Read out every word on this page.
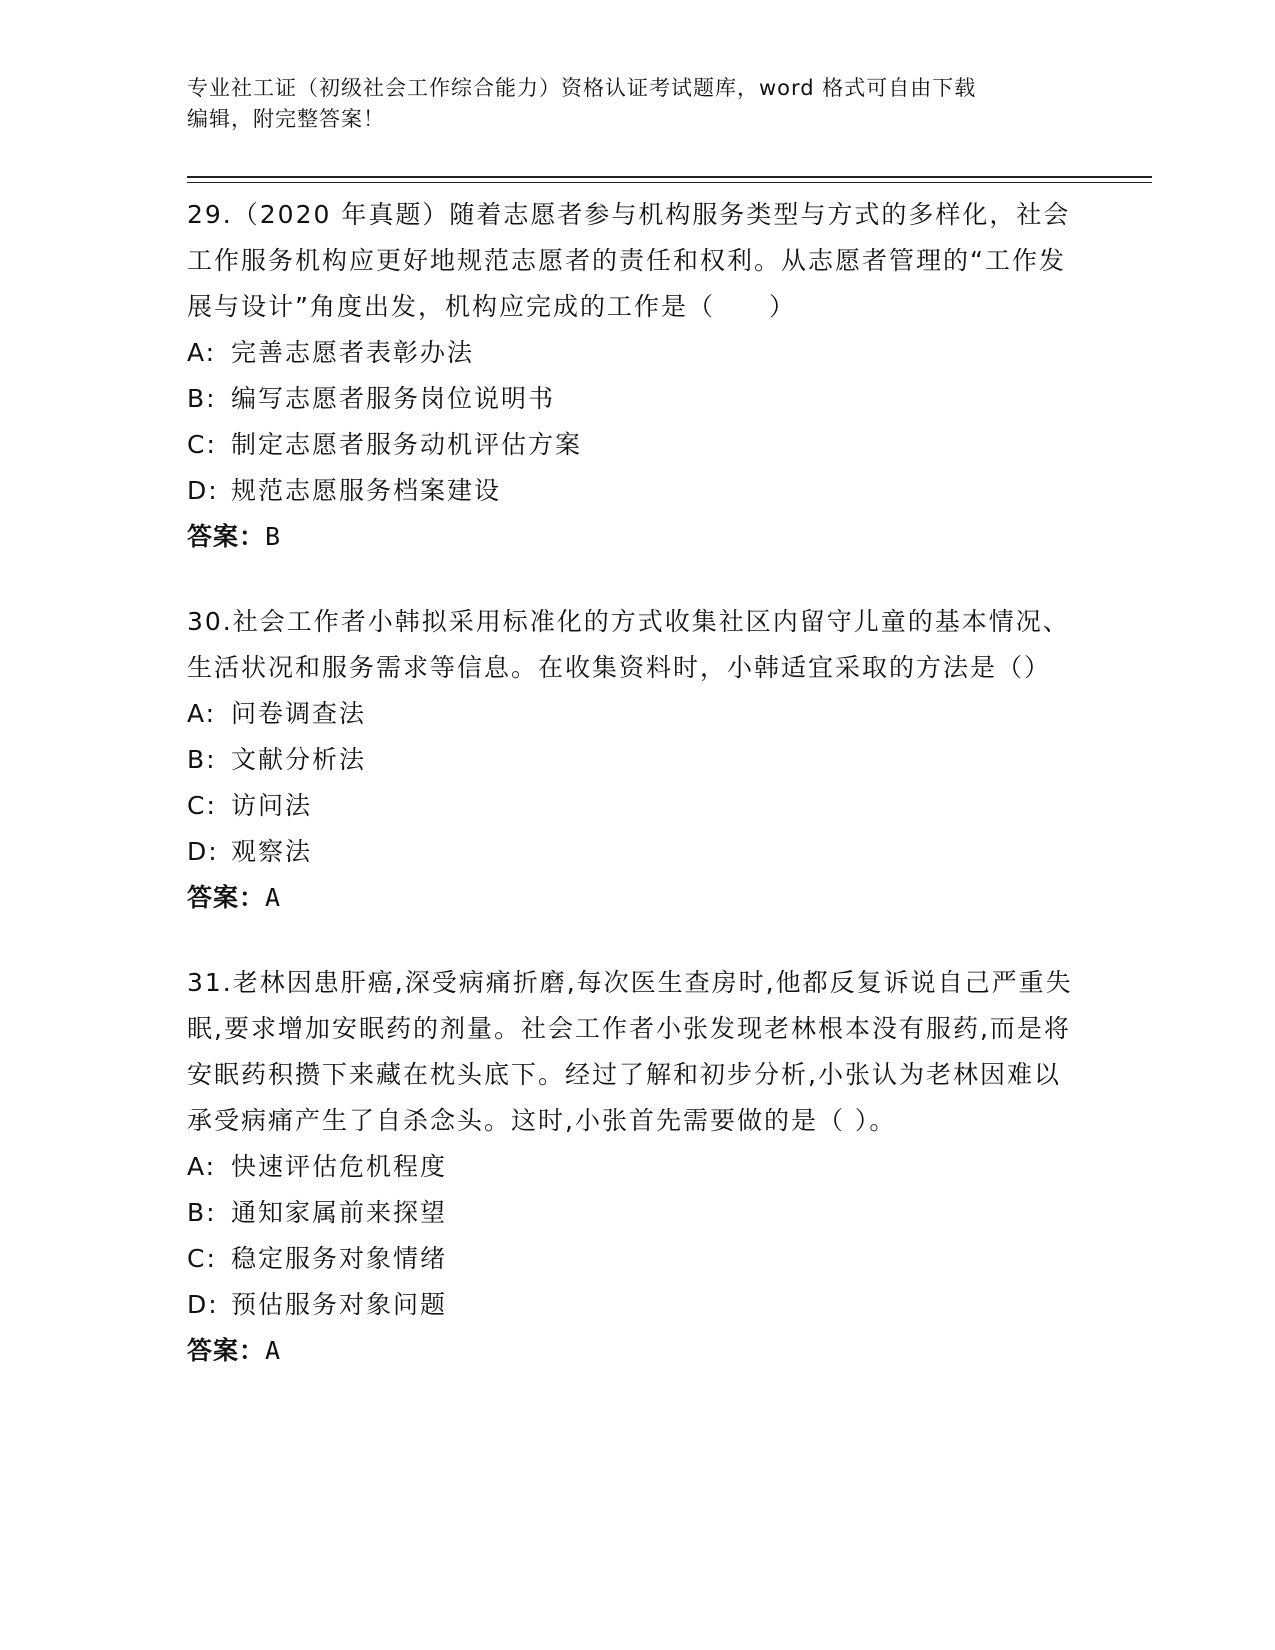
专业社工证（初级社会工作综合能力）资格认证考试题库，word 格式可自由下载
编辑，附完整答案！
29.（2020 年真题）随着志愿者参与机构服务类型与方式的多样化，社会工作服务机构应更好地规范志愿者的责任和权利。从志愿者管理的“工作发展与设计”角度出发，机构应完成的工作是（　　）
A: 完善志愿者表彰办法
B: 编写志愿者服务岗位说明书
C: 制定志愿者服务动机评估方案
D: 规范志愿服务档案建设
答案：B
30.社会工作者小韩拟采用标准化的方式收集社区内留守儿童的基本情况、生活状况和服务需求等信息。在收集资料时，小韩适宜采取的方法是（）
A: 问卷调查法
B: 文献分析法
C: 访问法
D: 观察法
答案：A
31.老林因患肝癌,深受病痛折磨,每次医生查房时,他都反复诉说自己严重失眠,要求增加安眠药的剂量。社会工作者小张发现老林根本没有服药,而是将安眠药积攒下来藏在枕头底下。经过了解和初步分析,小张认为老林因难以承受病痛产生了自杀念头。这时,小张首先需要做的是（ ）。
A: 快速评估危机程度
B: 通知家属前来探望
C: 稳定服务对象情绪
D: 预估服务对象问题
答案：A
